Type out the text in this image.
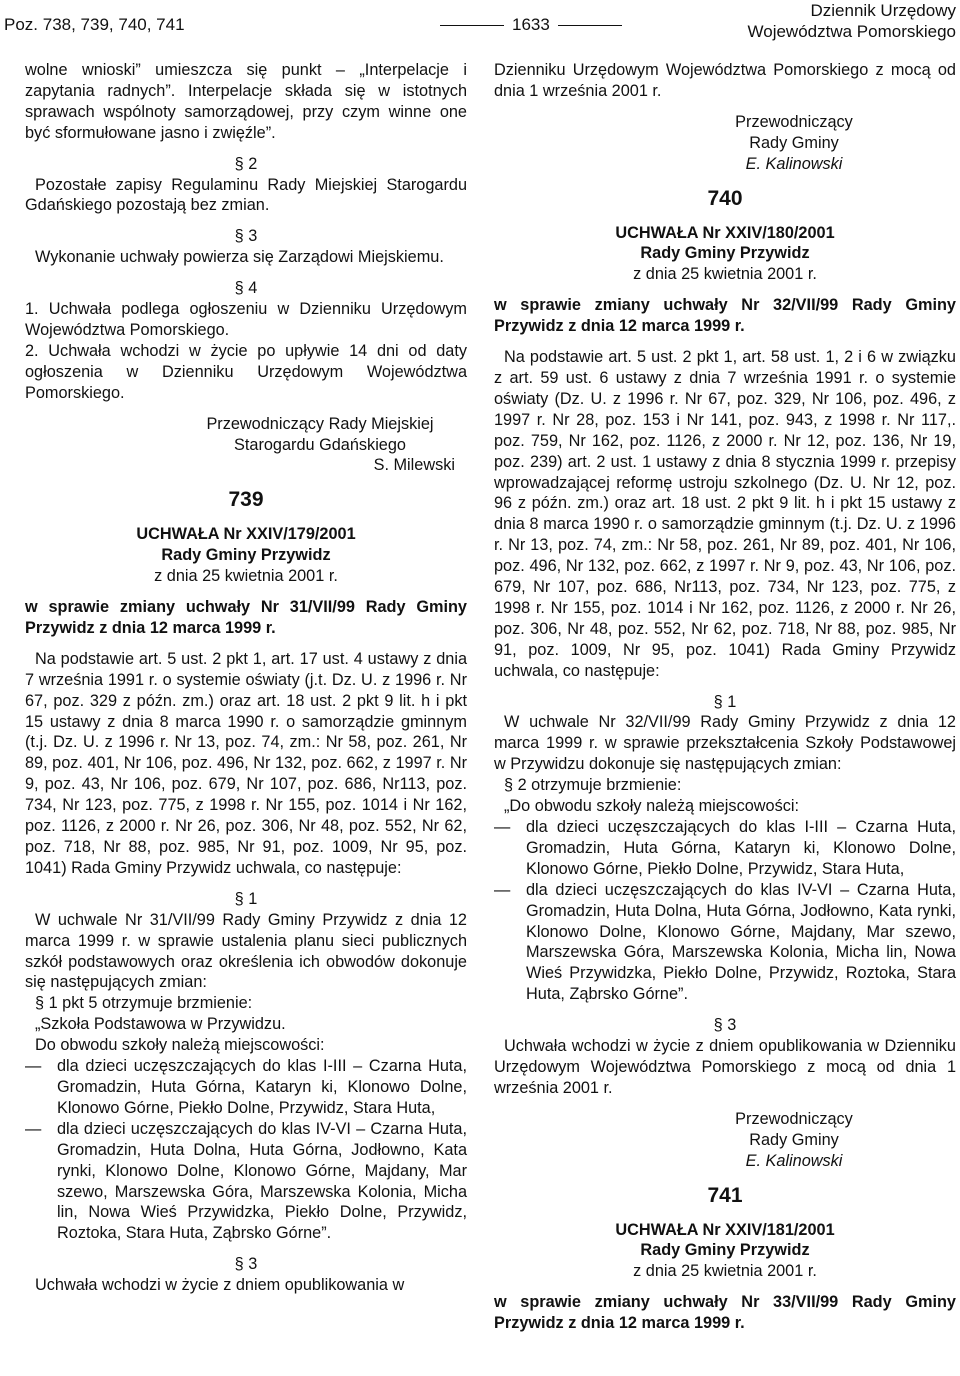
Poz. 738, 739, 740, 741	1633
Dziennik Urzędowy
Województwa Pomorskiego

wolne wnioski” umieszcza się punkt – „Interpelacje i zapytania radnych”. Interpelacje składa się w istotnych sprawach wspólnoty samorządowej, przy czym winne one być sformułowane jasno i zwięźle”.

§ 2

Pozostałe zapisy Regulaminu Rady Miejskiej Starogardu Gdańskiego pozostają bez zmian.

§ 3

Wykonanie uchwały powierza się Zarządowi Miejskiemu.

§ 4

1. Uchwała podlega ogłoszeniu w Dzienniku Urzędowym Województwa Pomorskiego.

2. Uchwała wchodzi w życie po upływie 14 dni od daty ogłoszenia w Dzienniku Urzędowym Województwa Pomorskiego.

Przewodniczący Rady Miejskiej

Starogardu Gdańskiego

S. Milewski

739

UCHWAŁA Nr XXIV/179/2001

Rady Gminy Przywidz

z dnia 25 kwietnia 2001 r.

w sprawie zmiany uchwały Nr 31/VII/99 Rady Gminy Przywidz z dnia 12 marca 1999 r.

Na podstawie art. 5 ust. 2 pkt 1, art. 17 ust. 4 ustawy z dnia 7 września 1991 r. o systemie oświaty (j.t. Dz. U. z 1996 r. Nr 67, poz. 329 z późn. zm.) oraz art. 18 ust. 2 pkt 9 lit. h i pkt 15 ustawy z dnia 8 marca 1990 r. o samorządzie gminnym (t.j. Dz. U. z 1996 r. Nr 13, poz. 74, zm.: Nr 58, poz. 261, Nr 89, poz. 401, Nr 106, poz. 496, Nr 132, poz. 662, z 1997 r. Nr 9, poz. 43, Nr 106, poz. 679, Nr 107, poz. 686, Nr113, poz. 734, Nr 123, poz. 775, z 1998 r. Nr 155, poz. 1014 i Nr 162, poz. 1126, z 2000 r. Nr 26, poz. 306, Nr 48, poz. 552, Nr 62, poz. 718, Nr 88, poz. 985, Nr 91, poz. 1009, Nr 95, poz. 1041) Rada Gminy Przywidz uchwala, co następuje:

§ 1

W uchwale Nr 31/VII/99 Rady Gminy Przywidz z dnia 12 marca 1999 r. w sprawie ustalenia planu sieci publicznych szkół podstawowych oraz określenia ich obwodów dokonuje się następujących zmian:

§ 1 pkt 5 otrzymuje brzmienie:

„Szkoła Podstawowa w Przywidzu.

Do obwodu szkoły należą miejscowości:

— dla dzieci uczęszczających do klas I-III – Czarna Huta, Gromadzin, Huta Górna, Kataryn ki, Klonowo Dolne, Klonowo Górne, Piekło Dolne, Przywidz, Stara Huta,
— dla dzieci uczęszczających do klas IV-VI – Czarna Huta, Gromadzin, Huta Dolna, Huta Górna, Jodłowno, Kata rynki, Klonowo Dolne, Klonowo Górne, Majdany, Mar szewo, Marszewska Góra, Marszewska Kolonia, Micha lin, Nowa Wieś Przywidzka, Piekło Dolne, Przywidz, Roztoka, Stara Huta, Ząbrsko Górne”.

§ 3

Uchwała wchodzi w życie z dniem opublikowania w

Dzienniku Urzędowym Województwa Pomorskiego z mocą od dnia 1 września 2001 r.

Przewodniczący

Rady Gminy

E. Kalinowski

740

UCHWAŁA Nr XXIV/180/2001

Rady Gminy Przywidz

z dnia 25 kwietnia 2001 r.

w sprawie zmiany uchwały Nr 32/VII/99 Rady Gminy Przywidz z dnia 12 marca 1999 r.

Na podstawie art. 5 ust. 2 pkt 1, art. 58 ust. 1, 2 i 6 w związku z art. 59 ust. 6 ustawy z dnia 7 września 1991 r. o systemie oświaty (Dz. U. z 1996 r. Nr 67, poz. 329, Nr 106, poz. 496, z 1997 r. Nr 28, poz. 153 i Nr 141, poz. 943, z 1998 r. Nr 117,. poz. 759, Nr 162, poz. 1126, z 2000 r. Nr 12, poz. 136, Nr 19, poz. 239) art. 2 ust. 1 ustawy z dnia 8 stycznia 1999 r. przepisy wprowadzającej reformę ustroju szkolnego (Dz. U. Nr 12, poz. 96 z późn. zm.) oraz art. 18 ust. 2 pkt 9 lit. h i pkt 15 ustawy z dnia 8 marca 1990 r. o samorządzie gminnym (t.j. Dz. U. z 1996 r. Nr 13, poz. 74, zm.: Nr 58, poz. 261, Nr 89, poz. 401, Nr 106, poz. 496, Nr 132, poz. 662, z 1997 r. Nr 9, poz. 43, Nr 106, poz. 679, Nr 107, poz. 686, Nr113, poz. 734, Nr 123, poz. 775, z 1998 r. Nr 155, poz. 1014 i Nr 162, poz. 1126, z 2000 r. Nr 26, poz. 306, Nr 48, poz. 552, Nr 62, poz. 718, Nr 88, poz. 985, Nr 91, poz. 1009, Nr 95, poz. 1041) Rada Gminy Przywidz uchwala, co następuje:

§ 1

W uchwale Nr 32/VII/99 Rady Gminy Przywidz z dnia 12 marca 1999 r. w sprawie przekształcenia Szkoły Podstawowej w Przywidzu dokonuje się następujących zmian:

§ 2 otrzymuje brzmienie:

„Do obwodu szkoły należą miejscowości:

— dla dzieci uczęszczających do klas I-III – Czarna Huta, Gromadzin, Huta Górna, Kataryn ki, Klonowo Dolne, Klonowo Górne, Piekło Dolne, Przywidz, Stara Huta,
— dla dzieci uczęszczających do klas IV-VI – Czarna Huta, Gromadzin, Huta Dolna, Huta Górna, Jodłowno, Kata rynki, Klonowo Dolne, Klonowo Górne, Majdany, Mar szewo, Marszewska Góra, Marszewska Kolonia, Micha lin, Nowa Wieś Przywidzka, Piekło Dolne, Przywidz, Roztoka, Stara Huta, Ząbrsko Górne”.

§ 3

Uchwała wchodzi w życie z dniem opublikowania w Dzienniku Urzędowym Województwa Pomorskiego z mocą od dnia 1 września 2001 r.

Przewodniczący

Rady Gminy

E. Kalinowski

741

UCHWAŁA Nr XXIV/181/2001

Rady Gminy Przywidz

z dnia 25 kwietnia 2001 r.

w sprawie zmiany uchwały Nr 33/VII/99 Rady Gminy Przywidz z dnia 12 marca 1999 r.
